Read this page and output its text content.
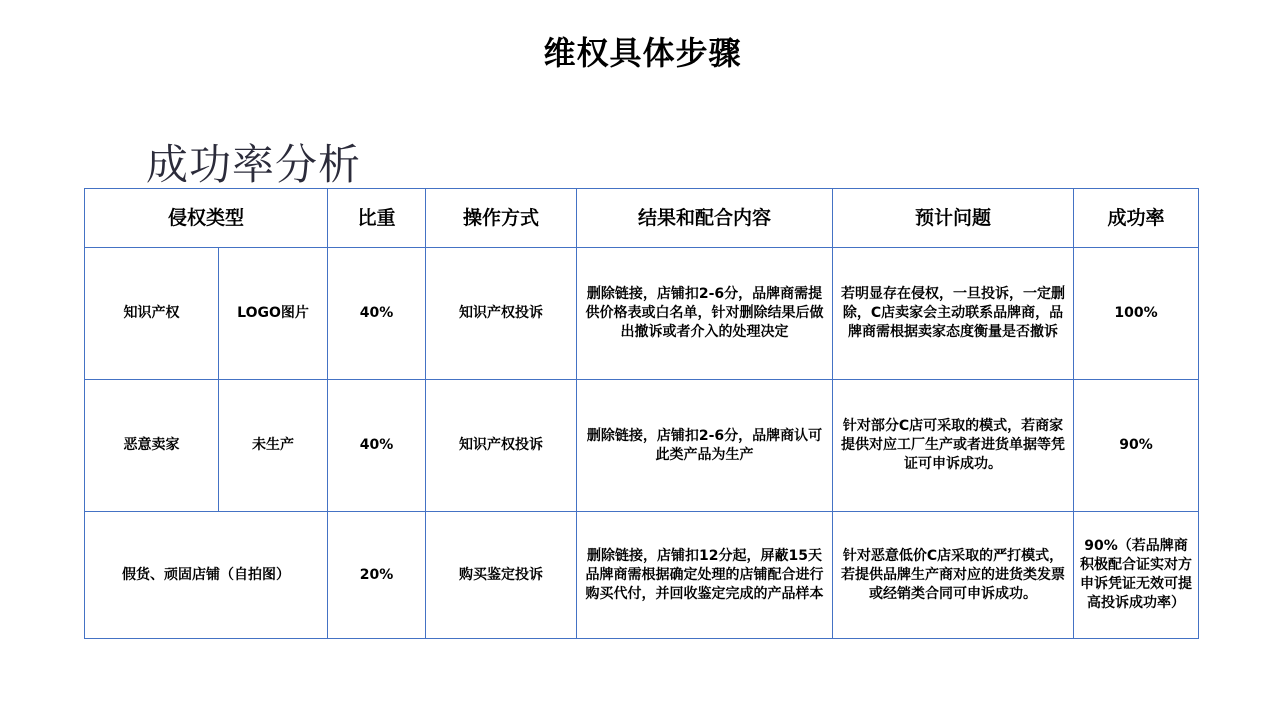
维权具体步骤
成功率分析
侵权类型		比重	操作方式	结果和配合内容	预计问题	成功率
知识产权	LOGO图片	40%	知识产权投诉	删除链接，店铺扣2-6分，品牌商需提供价格表或白名单，针对删除结果后做出撤诉或者介入的处理决定	若明显存在侵权，一旦投诉，一定删除，C店卖家会主动联系品牌商，品牌商需根据卖家态度衡量是否撤诉	100%
恶意卖家	未生产	40%	知识产权投诉	删除链接，店铺扣2-6分，品牌商认可此类产品为生产	针对部分C店可采取的模式，若商家提供对应工厂生产或者进货单据等凭证可申诉成功。	90%
假货、顽固店铺（自拍图）		20%	购买鉴定投诉	删除链接，店铺扣12分起，屏蔽15天品牌商需根据确定处理的店铺配合进行购买代付，并回收鉴定完成的产品样本	针对恶意低价C店采取的严打模式，若提供品牌生产商对应的进货类发票或经销类合同可申诉成功。	90%（若品牌商积极配合证实对方申诉凭证无效可提高投诉成功率）
